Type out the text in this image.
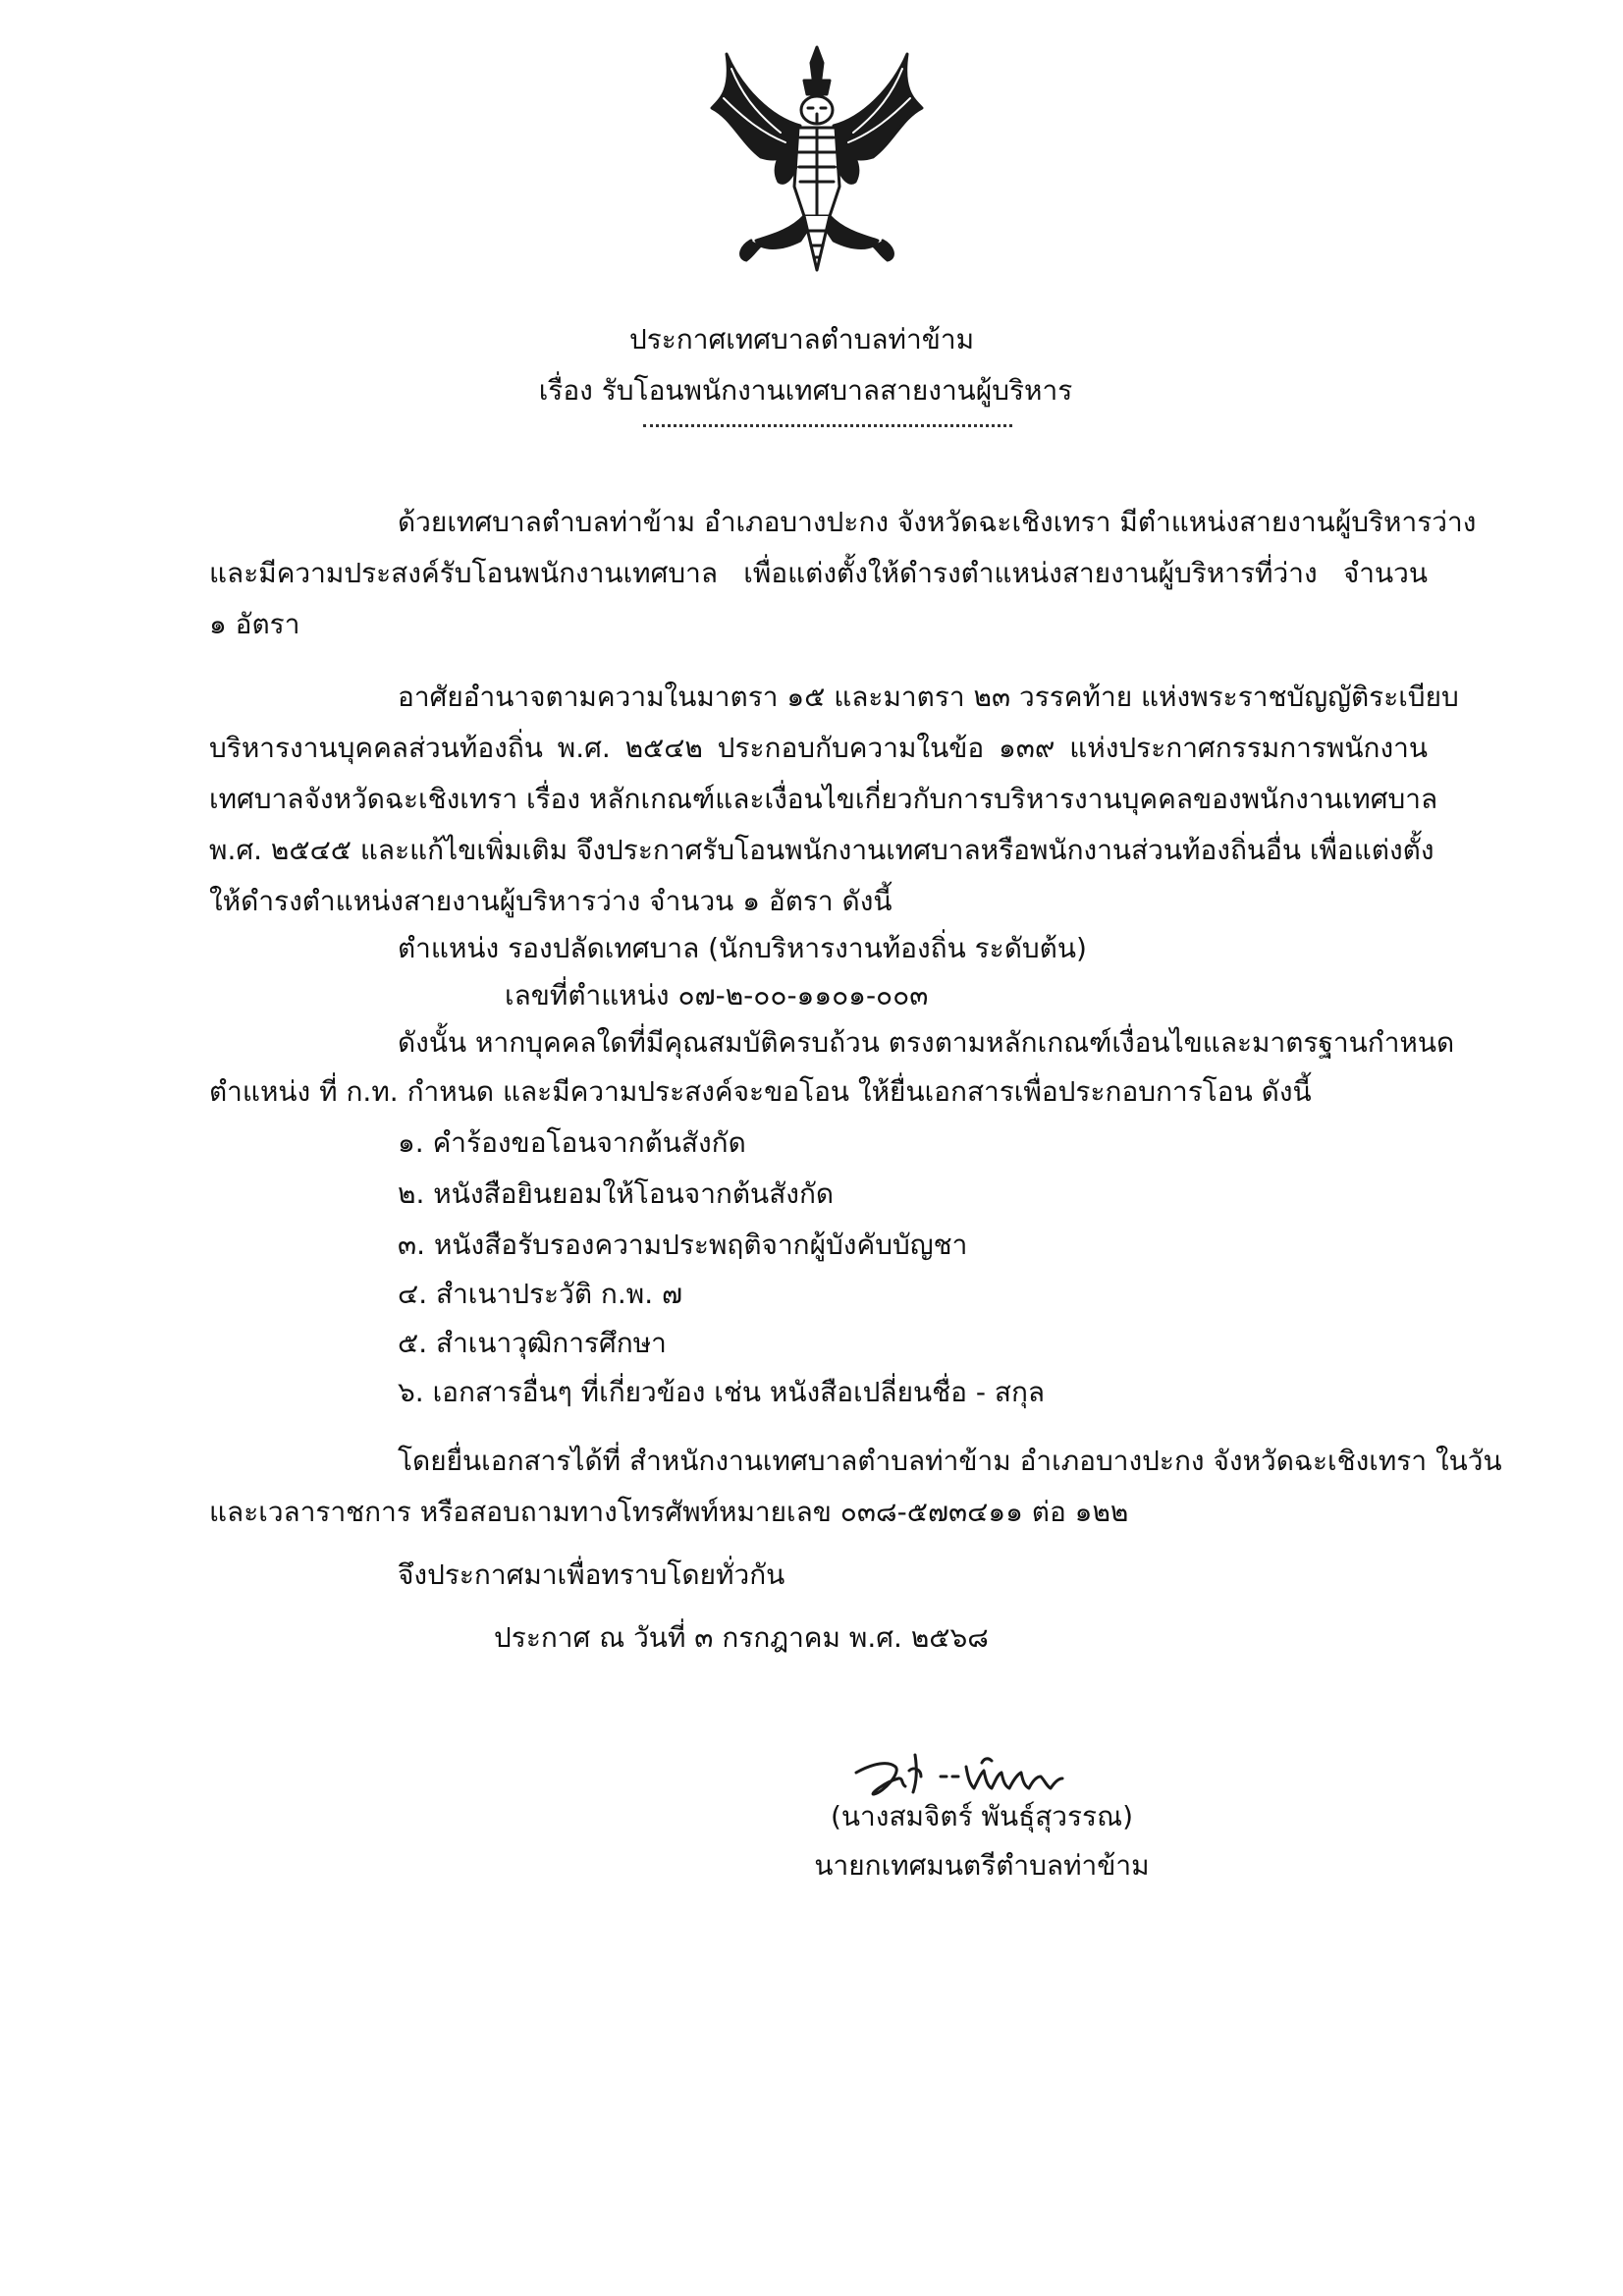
ประกาศเทศบาลตำบลท่าข้าม
เรื่อง รับโอนพนักงานเทศบาลสายงานผู้บริหาร
ด้วยเทศบาลตำบลท่าข้าม อำเภอบางปะกง จังหวัดฉะเชิงเทรา มีตำแหน่งสายงานผู้บริหารว่าง
และมีความประสงค์รับโอนพนักงานเทศบาล เพื่อแต่งตั้งให้ดำรงตำแหน่งสายงานผู้บริหารที่ว่าง จำนวน
๑ อัตรา
อาศัยอำนาจตามความในมาตรา ๑๕ และมาตรา ๒๓ วรรคท้าย แห่งพระราชบัญญัติระเบียบ
บริหารงานบุคคลส่วนท้องถิ่น พ.ศ. ๒๕๔๒ ประกอบกับความในข้อ ๑๓๙ แห่งประกาศกรรมการพนักงาน
เทศบาลจังหวัดฉะเชิงเทรา เรื่อง หลักเกณฑ์และเงื่อนไขเกี่ยวกับการบริหารงานบุคคลของพนักงานเทศบาล
พ.ศ. ๒๕๔๕ และแก้ไขเพิ่มเติม จึงประกาศรับโอนพนักงานเทศบาลหรือพนักงานส่วนท้องถิ่นอื่น เพื่อแต่งตั้ง
ให้ดำรงตำแหน่งสายงานผู้บริหารว่าง จำนวน ๑ อัตรา ดังนี้
ตำแหน่ง รองปลัดเทศบาล (นักบริหารงานท้องถิ่น ระดับต้น)
เลขที่ตำแหน่ง ๐๗-๒-๐๐-๑๑๐๑-๐๐๓
ดังนั้น หากบุคคลใดที่มีคุณสมบัติครบถ้วน ตรงตามหลักเกณฑ์เงื่อนไขและมาตรฐานกำหนด
ตำแหน่ง ที่ ก.ท. กำหนด และมีความประสงค์จะขอโอน ให้ยื่นเอกสารเพื่อประกอบการโอน ดังนี้
๑. คำร้องขอโอนจากต้นสังกัด
๒. หนังสือยินยอมให้โอนจากต้นสังกัด
๓. หนังสือรับรองความประพฤติจากผู้บังคับบัญชา
๔. สำเนาประวัติ ก.พ. ๗
๕. สำเนาวุฒิการศึกษา
๖. เอกสารอื่นๆ ที่เกี่ยวข้อง เช่น หนังสือเปลี่ยนชื่อ - สกุล
โดยยื่นเอกสารได้ที่ สำหนักงานเทศบาลตำบลท่าข้าม อำเภอบางปะกง จังหวัดฉะเชิงเทรา ในวัน
และเวลาราชการ หรือสอบถามทางโทรศัพท์หมายเลข ๐๓๘-๕๗๓๔๑๑ ต่อ ๑๒๒
จึงประกาศมาเพื่อทราบโดยทั่วกัน
ประกาศ ณ วันที่ ๓ กรกฎาคม พ.ศ. ๒๕๖๘
(นางสมจิตร์ พันธุ์สุวรรณ)
นายกเทศมนตรีตำบลท่าข้าม
